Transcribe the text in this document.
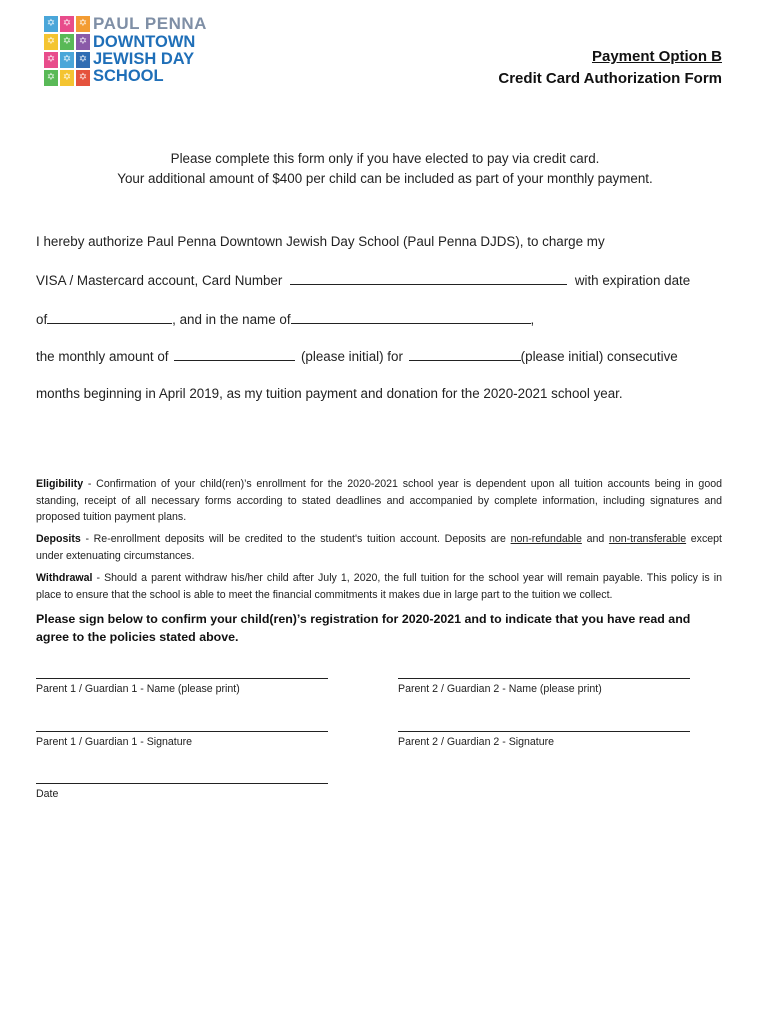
✡ ✡ ✡
✡ ✡ ✡
✡ ✡ ✡
✡ ✡ ✡
PAUL PENNA
DOWNTOWN
JEWISH DAY
SCHOOL
Payment Option B
Credit Card Authorization Form
Please complete this form only if you have elected to pay via credit card.
Your additional amount of $400 per child can be included as part of your monthly payment.
I hereby authorize Paul Penna Downtown Jewish Day School (Paul Penna DJDS), to charge my
VISA / Mastercard account, Card Number	with expiration date
of	, and in the name of	,
the monthly amount of	(please initial) for	(please initial) consecutive
months beginning in April 2019, as my tuition payment and donation for the 2020-2021 school year.
Eligibility - Confirmation of your child(ren)’s enrollment for the 2020-2021 school year is dependent upon all tuition accounts being in good standing, receipt of all necessary forms according to stated deadlines and accompanied by complete information, including signatures and proposed tuition payment plans.
Deposits - Re-enrollment deposits will be credited to the student's tuition account. Deposits are non-refundable and non-transferable except under extenuating circumstances.
Withdrawal - Should a parent withdraw his/her child after July 1, 2020, the full tuition for the school year will remain payable. This policy is in place to ensure that the school is able to meet the financial commitments it makes due in large part to the tuition we collect.
Please sign below to confirm your child(ren)’s registration for 2020-2021 and to indicate that you have read and agree to the policies stated above.
Parent 1 / Guardian 1 - Name (please print)	Parent 2 / Guardian 2 - Name (please print)
Parent 1 / Guardian 1 - Signature	Parent 2 / Guardian 2 - Signature
Date
